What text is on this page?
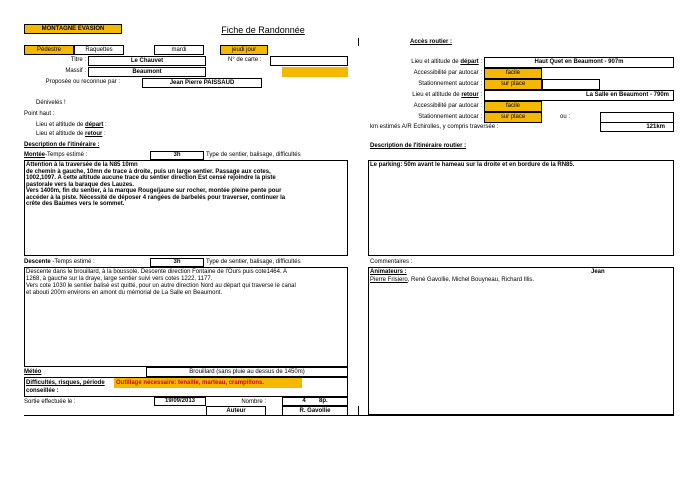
MONTAGNE EVASION	Fiche de Randonnée
Pédestre	Raquettes	mardi	jeudi jour
Titre :	Le Chauvet	N° de carte :
Massif :	Beaumont
Proposée ou reconnue par :	Jean Pierre PAISSAUD
Dénivelés !
Point haut :
Lieu et altitude de départ :
Lieu et altitude de retour :
Description de l'itinéraire :
Montée-Temps estimé :	3h	Type de sentier, balisage, difficultés
Attention à la traversée de la N85 10mn
de chemin à gauche, 10mn de trace à droite, puis un large sentier. Passage aux cotes,
1002,1097. A cette altitude aucune trace du sentier direction Est censé rejoindre la piste
pastorale vers la baraque des Lauzes.
Vers 1400m, fin du sentier, à la marque Rouge/jaune sur rocher, montée pleine pente pour
accéder à la piste. Nécessité de déposer 4 rangées de barbelés pour traverser, continuer la
crête des Baumes vers le sommet.
Descente -Temps estimé :	3h	Type de sentier, balisage, difficultés
Descente dans le brouillard, à la boussole. Descente direction Fontaine de l'Ours puis cote1464. A
1268, à gauche sur la draye, large sentier suivi vers cotes 1222, 1177.
Vers cote 1030 le sentier balisé est quitté, pour un autre direction Nord au départ qui traverse le canal
et abouti 200m environs en amont du mémorial de La Salle en Beaumont.
Météo	Brouillard (sans pluie au dessus de 1450m)
Difficultés, risques, période
conseillée :
Outillage nécessaire: tenaille, marteau, crampillons.
Sortie effectuée le :	19/09/2013	Nombre :	4        8p.
Auteur	R. Gavollie
Accès routier :
Lieu et altitude de départ :	Haut Quet en Beaumont - 907m
Accessibilité par autocar :	facile
Stationnement autocar :	sur place
Lieu et altitude de retour :	La Salle en Beaumont - 790m
Accessibilité par autocar :	facile
Stationnement autocar :	sur place	ou :
km estimés A/R Echirolles, y compris traversée :	121km
Description de l'itinéraire routier :
Le parking: 50m avant le hameau sur la droite et en bordure de la RN85.
Commentaires :
Animateurs :	Jean
Pierre Frisiero, René Gavollie, Michel Bouyneau, Richard Illis.
